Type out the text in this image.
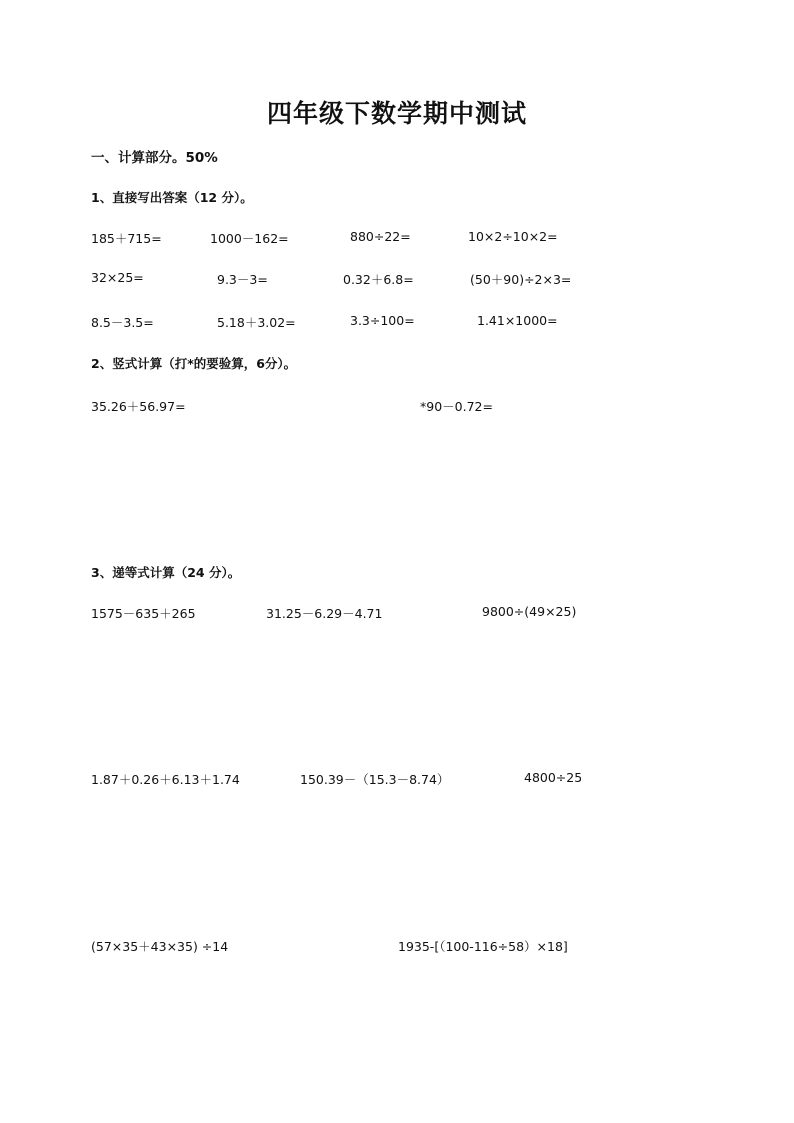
四年级下数学期中测试
一、计算部分。50%
1、直接写出答案（12 分）。
185＋715=	1000－162=	880÷22=	10×2÷10×2=
32×25=	9.3－3=	0.32＋6.8=	(50＋90)÷2×3=
8.5－3.5=	5.18＋3.02=	3.3÷100=	1.41×1000=
2、竖式计算（打*的要验算，6分）。
35.26＋56.97=	*90－0.72=
3、递等式计算（24 分）。
1575－635＋265	31.25－6.29－4.71	9800÷(49×25)
1.87＋0.26＋6.13＋1.74	150.39－（15.3－8.74）	4800÷25
(57×35＋43×35) ÷14	1935-[（100-116÷58）×18]
